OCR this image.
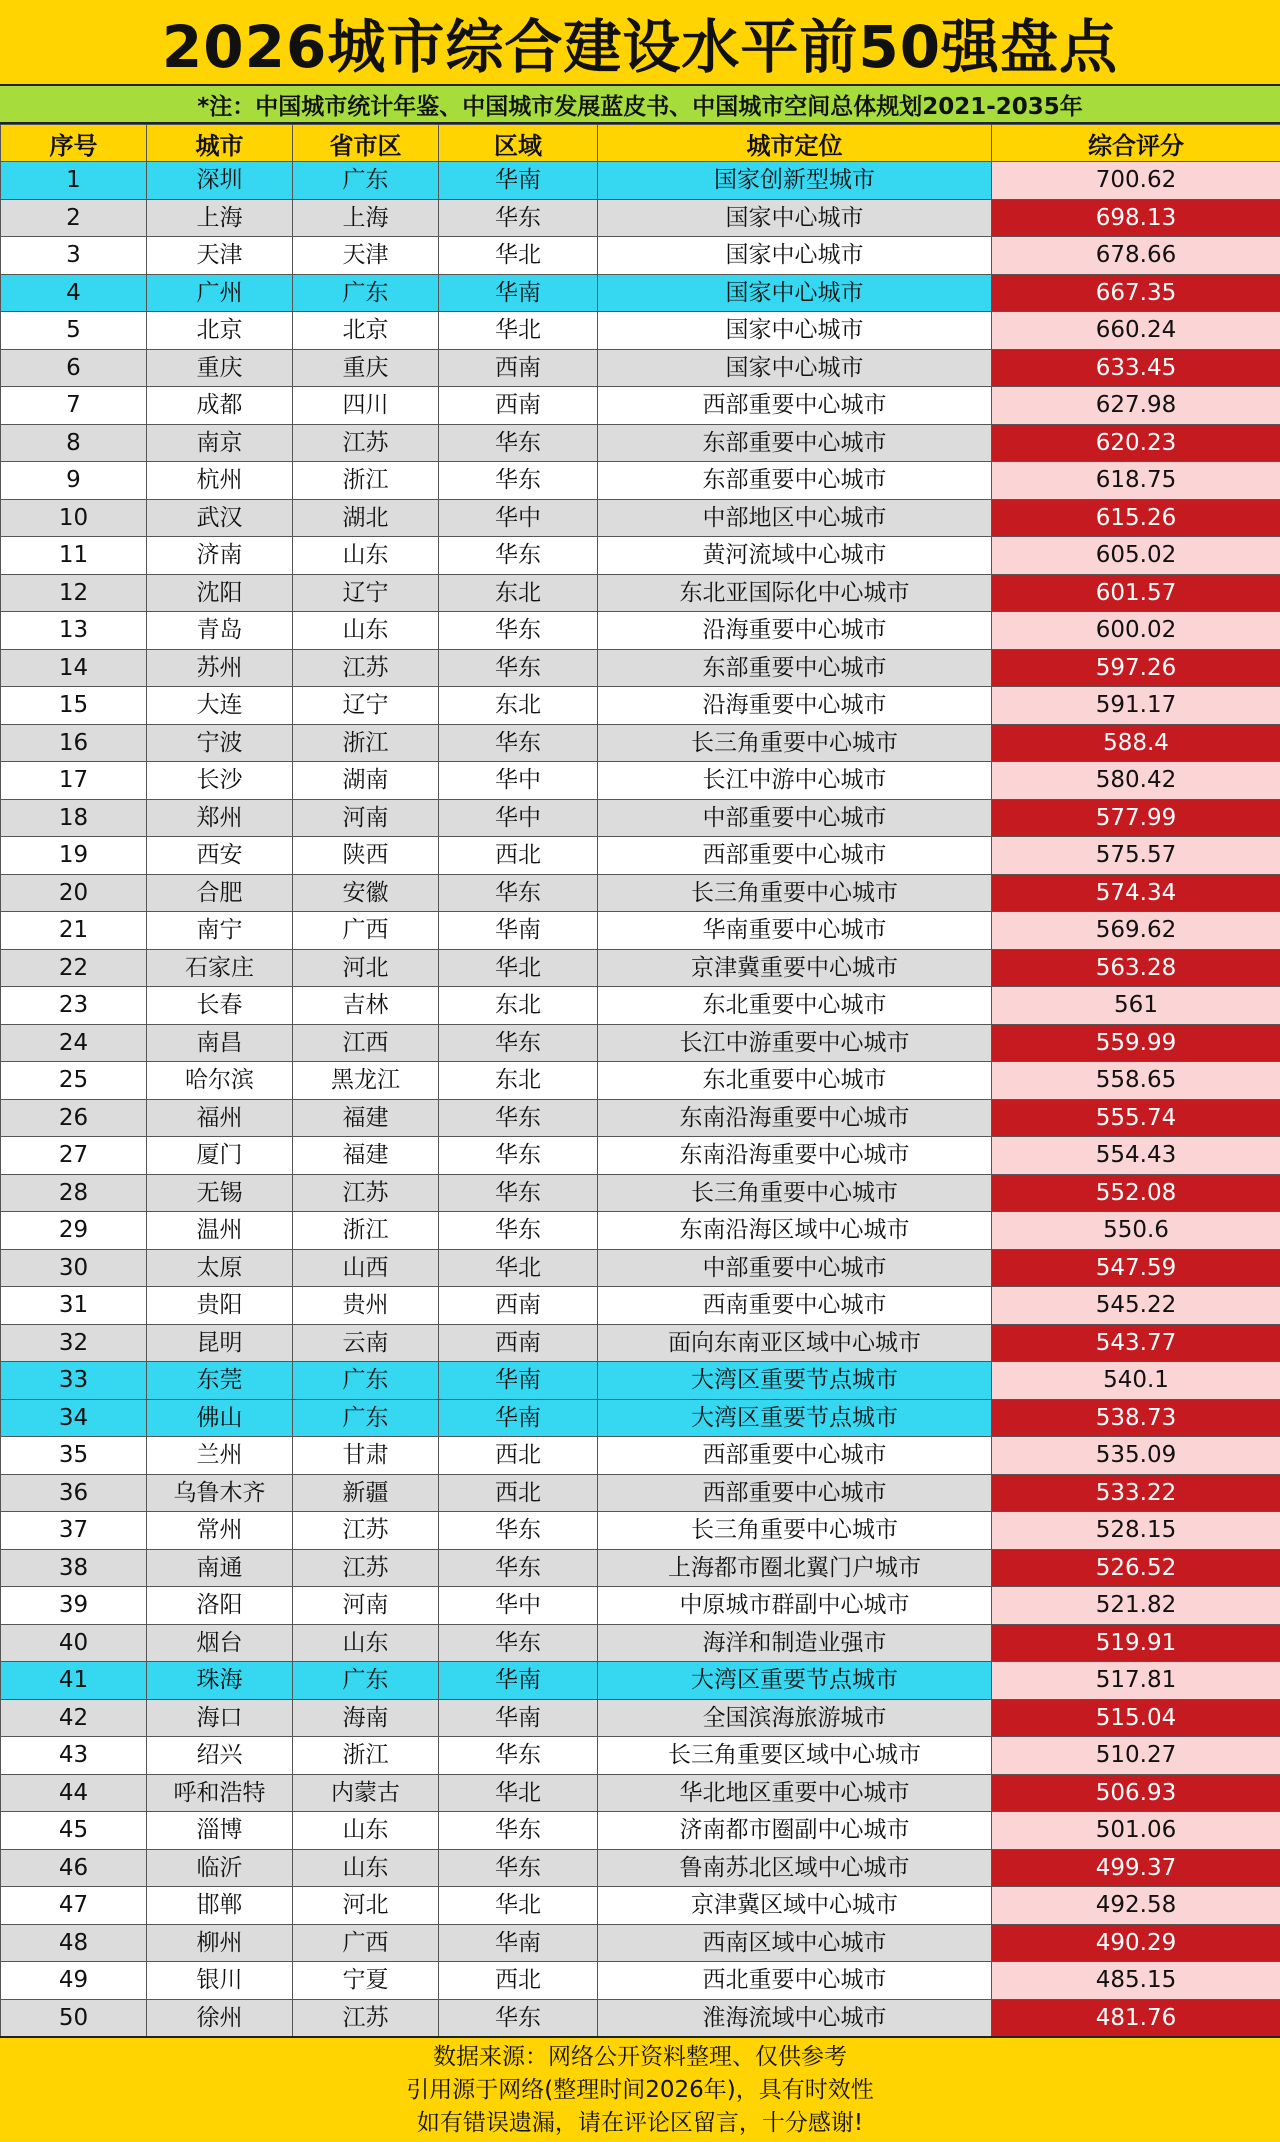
2026城市综合建设水平前50强盘点
*注：中国城市统计年鉴、中国城市发展蓝皮书、中国城市空间总体规划2021-2035年
序号	城市	省市区	区域	城市定位	综合评分
1	深圳	广东	华南	国家创新型城市	700.62
2	上海	上海	华东	国家中心城市	698.13
3	天津	天津	华北	国家中心城市	678.66
4	广州	广东	华南	国家中心城市	667.35
5	北京	北京	华北	国家中心城市	660.24
6	重庆	重庆	西南	国家中心城市	633.45
7	成都	四川	西南	西部重要中心城市	627.98
8	南京	江苏	华东	东部重要中心城市	620.23
9	杭州	浙江	华东	东部重要中心城市	618.75
10	武汉	湖北	华中	中部地区中心城市	615.26
11	济南	山东	华东	黄河流域中心城市	605.02
12	沈阳	辽宁	东北	东北亚国际化中心城市	601.57
13	青岛	山东	华东	沿海重要中心城市	600.02
14	苏州	江苏	华东	东部重要中心城市	597.26
15	大连	辽宁	东北	沿海重要中心城市	591.17
16	宁波	浙江	华东	长三角重要中心城市	588.4
17	长沙	湖南	华中	长江中游中心城市	580.42
18	郑州	河南	华中	中部重要中心城市	577.99
19	西安	陕西	西北	西部重要中心城市	575.57
20	合肥	安徽	华东	长三角重要中心城市	574.34
21	南宁	广西	华南	华南重要中心城市	569.62
22	石家庄	河北	华北	京津冀重要中心城市	563.28
23	长春	吉林	东北	东北重要中心城市	561
24	南昌	江西	华东	长江中游重要中心城市	559.99
25	哈尔滨	黑龙江	东北	东北重要中心城市	558.65
26	福州	福建	华东	东南沿海重要中心城市	555.74
27	厦门	福建	华东	东南沿海重要中心城市	554.43
28	无锡	江苏	华东	长三角重要中心城市	552.08
29	温州	浙江	华东	东南沿海区域中心城市	550.6
30	太原	山西	华北	中部重要中心城市	547.59
31	贵阳	贵州	西南	西南重要中心城市	545.22
32	昆明	云南	西南	面向东南亚区域中心城市	543.77
33	东莞	广东	华南	大湾区重要节点城市	540.1
34	佛山	广东	华南	大湾区重要节点城市	538.73
35	兰州	甘肃	西北	西部重要中心城市	535.09
36	乌鲁木齐	新疆	西北	西部重要中心城市	533.22
37	常州	江苏	华东	长三角重要中心城市	528.15
38	南通	江苏	华东	上海都市圈北翼门户城市	526.52
39	洛阳	河南	华中	中原城市群副中心城市	521.82
40	烟台	山东	华东	海洋和制造业强市	519.91
41	珠海	广东	华南	大湾区重要节点城市	517.81
42	海口	海南	华南	全国滨海旅游城市	515.04
43	绍兴	浙江	华东	长三角重要区域中心城市	510.27
44	呼和浩特	内蒙古	华北	华北地区重要中心城市	506.93
45	淄博	山东	华东	济南都市圈副中心城市	501.06
46	临沂	山东	华东	鲁南苏北区域中心城市	499.37
47	邯郸	河北	华北	京津冀区域中心城市	492.58
48	柳州	广西	华南	西南区域中心城市	490.29
49	银川	宁夏	西北	西北重要中心城市	485.15
50	徐州	江苏	华东	淮海流域中心城市	481.76
数据来源：网络公开资料整理、仅供参考
引用源于网络(整理时间2026年)，具有时效性
如有错误遗漏，请在评论区留言，十分感谢!
